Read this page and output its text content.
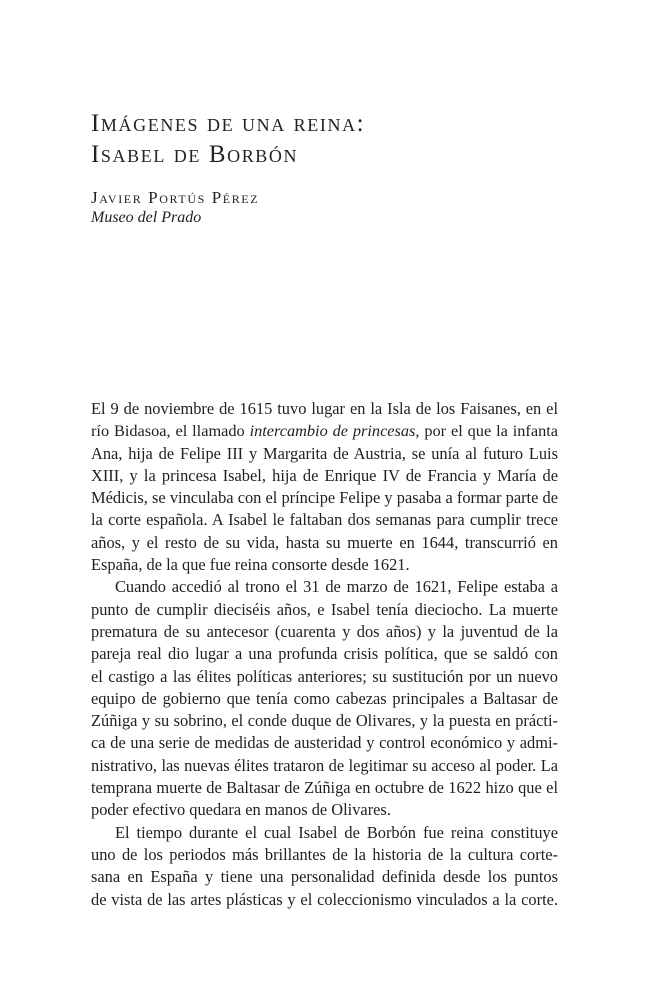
Imágenes de una reina:
Isabel de Borbón

Javier Portús Pérez

Museo del Prado

El 9 de noviembre de 1615 tuvo lugar en la Isla de los Faisanes, en el
río Bidasoa, el llamado intercambio de princesas, por el que la infanta
Ana, hija de Felipe III y Margarita de Austria, se unía al futuro Luis
XIII, y la princesa Isabel, hija de Enrique IV de Francia y María de
Médicis, se vinculaba con el príncipe Felipe y pasaba a formar parte de
la corte española. A Isabel le faltaban dos semanas para cumplir trece
años, y el resto de su vida, hasta su muerte en 1644, transcurrió en
España, de la que fue reina consorte desde 1621.

Cuando accedió al trono el 31 de marzo de 1621, Felipe estaba a
punto de cumplir dieciséis años, e Isabel tenía dieciocho. La muerte
prematura de su antecesor (cuarenta y dos años) y la juventud de la
pareja real dio lugar a una profunda crisis política, que se saldó con
el castigo a las élites políticas anteriores; su sustitución por un nuevo
equipo de gobierno que tenía como cabezas principales a Baltasar de
Zúñiga y su sobrino, el conde duque de Olivares, y la puesta en prácti-
ca de una serie de medidas de austeridad y control económico y admi-
nistrativo, las nuevas élites trataron de legitimar su acceso al poder. La
temprana muerte de Baltasar de Zúñiga en octubre de 1622 hizo que el
poder efectivo quedara en manos de Olivares.

El tiempo durante el cual Isabel de Borbón fue reina constituye
uno de los periodos más brillantes de la historia de la cultura corte-
sana en España y tiene una personalidad definida desde los puntos
de vista de las artes plásticas y el coleccionismo vinculados a la corte.
